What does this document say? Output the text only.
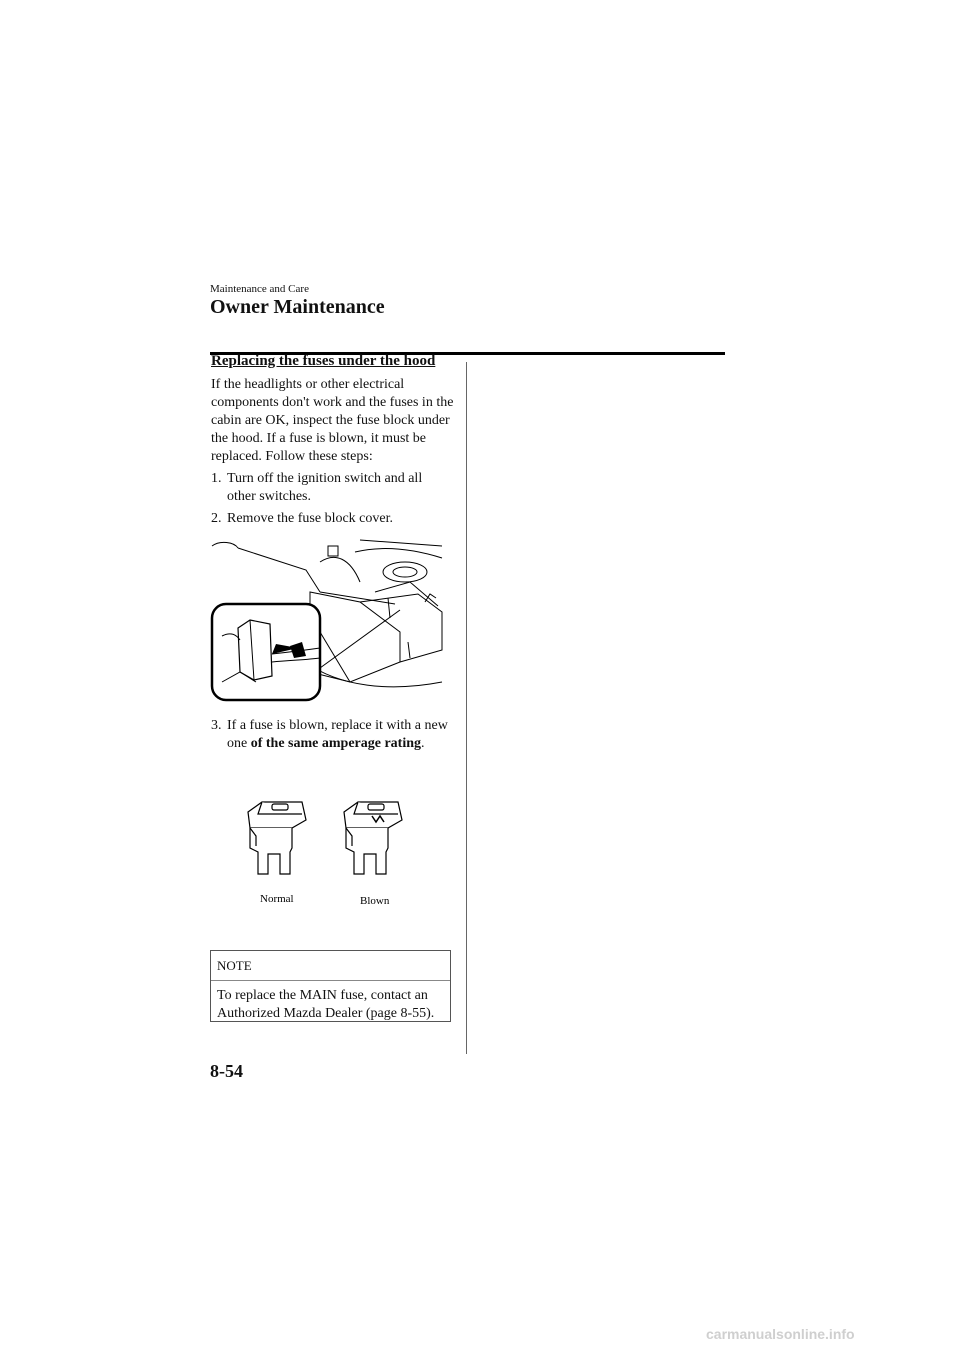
Maintenance and Care
Owner Maintenance
Replacing the fuses under the hood
If the headlights or other electrical components don't work and the fuses in the cabin are OK, inspect the fuse block under the hood. If a fuse is blown, it must be replaced. Follow these steps:
1. Turn off the ignition switch and all
other switches.
2. Remove the fuse block cover.
3. If a fuse is blown, replace it with a new
one of the same amperage rating.
Normal	Blown
NOTE
To replace the MAIN fuse, contact an Authorized Mazda Dealer (page 8-55).
8-54
carmanualsonline.info
